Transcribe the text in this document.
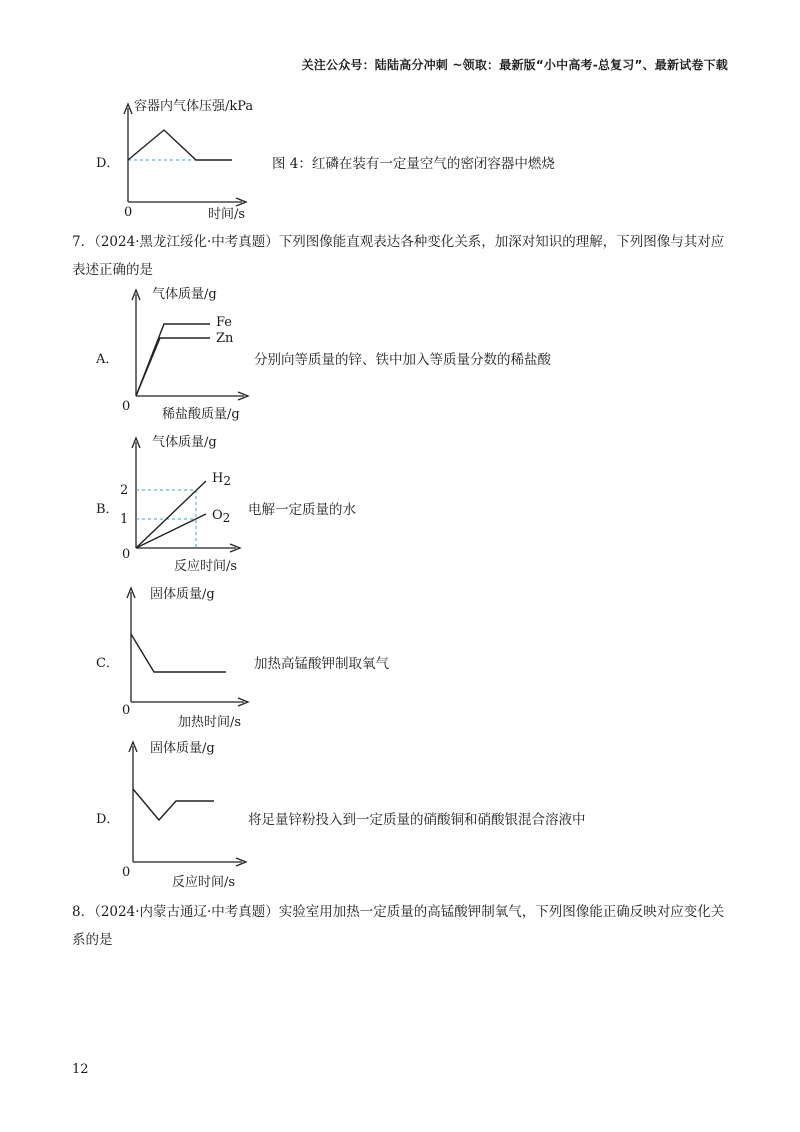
关注公众号：陆陆高分冲刺 ~领取：最新版“小中高考-总复习”、最新试卷下载
容器内气体压强/kPa
0	时间/s
D．	图 4：红磷在装有一定量空气的密闭容器中燃烧
7．（2024·黑龙江绥化·中考真题）下列图像能直观表达各种变化关系，加深对知识的理解，下列图像与其对应表述正确的是
气体质量/g
Fe
Zn
0
稀盐酸质量/g
A．	分别向等质量的锌、铁中加入等质量分数的稀盐酸
气体质量/g
2
1
H2
O2
0
反应时间/s
B．	电解一定质量的水
固体质量/g
0
加热时间/s
C．	加热高锰酸钾制取氧气
固体质量/g
0
反应时间/s
D．	将足量锌粉投入到一定质量的硝酸铜和硝酸银混合溶液中
8．（2024·内蒙古通辽·中考真题）实验室用加热一定质量的高锰酸钾制氧气，下列图像能正确反映对应变化关系的是
12
